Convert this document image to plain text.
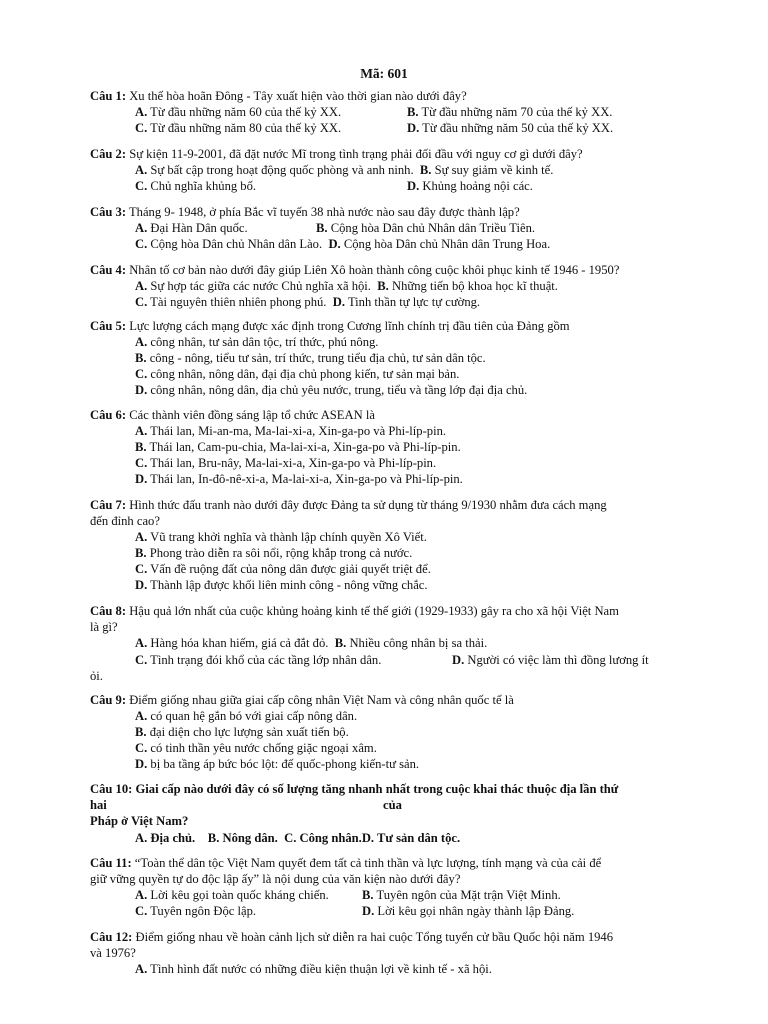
Mã: 601
Câu 1: Xu thế hòa hoãn Đông - Tây xuất hiện vào thời gian nào dưới đây?
A. Từ đầu những năm 60 của thế kỷ XX.	B. Từ đầu những năm 70 của thế kỷ XX.
C. Từ đầu những năm 80 của thế kỷ XX.	D. Từ đầu những năm 50 của thế kỷ XX.
Câu 2: Sự kiện 11-9-2001, đã đặt nước Mĩ trong tình trạng phải đối đầu với nguy cơ gì dưới đây?
A. Sự bất cập trong hoạt động quốc phòng và anh ninh. B. Sự suy giảm về kinh tế.
C. Chủ nghĩa khủng bố.	D. Khủng hoảng nội các.
Câu 3: Tháng 9- 1948, ở phía Bắc vĩ tuyến 38 nhà nước nào sau đây được thành lập?
A. Đại Hàn Dân quốc.	B. Cộng hòa Dân chủ Nhân dân Triều Tiên.
C. Cộng hòa Dân chủ Nhân dân Lào. D. Cộng hòa Dân chủ Nhân dân Trung Hoa.
Câu 4: Nhân tố cơ bản nào dưới đây giúp Liên Xô hoàn thành công cuộc khôi phục kinh tế 1946 - 1950?
A. Sự hợp tác giữa các nước Chủ nghĩa xã hội. B. Những tiến bộ khoa học kĩ thuật.
C. Tài nguyên thiên nhiên phong phú. D. Tinh thần tự lực tự cường.
Câu 5: Lực lượng cách mạng được xác định trong Cương lĩnh chính trị đầu tiên của Đảng gồm
A. công nhân, tư sản dân tộc, trí thức, phú nông.
B. công - nông, tiểu tư sản, trí thức, trung tiểu địa chủ, tư sản dân tộc.
C. công nhân, nông dân, đại địa chủ phong kiến, tư sản mại bản.
D. công nhân, nông dân, địa chủ yêu nước, trung, tiểu và tầng lớp đại địa chủ.
Câu 6: Các thành viên đồng sáng lập tổ chức ASEAN là
A. Thái lan, Mi-an-ma, Ma-lai-xi-a, Xin-ga-po và Phi-líp-pin.
B. Thái lan, Cam-pu-chia, Ma-lai-xi-a, Xin-ga-po và Phi-líp-pin.
C. Thái lan, Bru-nây, Ma-lai-xi-a, Xin-ga-po và Phi-líp-pin.
D. Thái lan, In-đô-nê-xi-a, Ma-lai-xi-a, Xin-ga-po và Phi-líp-pin.
Câu 7: Hình thức đấu tranh nào dưới đây được Đảng ta sử dụng từ tháng 9/1930 nhằm đưa cách mạng
đến đỉnh cao?
A. Vũ trang khởi nghĩa và thành lập chính quyền Xô Viết.
B. Phong trào diễn ra sôi nổi, rộng khắp trong cả nước.
C. Vấn đề ruộng đất của nông dân được giải quyết triệt để.
D. Thành lập được khối liên minh công - nông vững chắc.
Câu 8: Hậu quả lớn nhất của cuộc khủng hoảng kinh tế thế giới (1929-1933) gây ra cho xã hội Việt Nam
là gì?
A. Hàng hóa khan hiếm, giá cả đắt đỏ. B. Nhiều công nhân bị sa thải.
C. Tình trạng đói khổ của các tầng lớp nhân dân.	D. Người có việc làm thì đồng lương ít
ỏi.
Câu 9: Điểm giống nhau giữa giai cấp công nhân Việt Nam và công nhân quốc tế là
A. có quan hệ gắn bó với giai cấp nông dân.
B. đại diện cho lực lượng sản xuất tiến bộ.
C. có tinh thần yêu nước chống giặc ngoại xâm.
D. bị ba tầng áp bức bóc lột: đế quốc-phong kiến-tư sản.
Câu 10: Giai cấp nào dưới đây có số lượng tăng nhanh nhất trong cuộc khai thác thuộc địa lần thứ
hai	của
Pháp ở Việt Nam?
A. Địa chủ. B. Nông dân. C. Công nhân.D. Tư sản dân tộc.
Câu 11: “Toàn thể dân tộc Việt Nam quyết đem tất cả tinh thần và lực lượng, tính mạng và của cải để
giữ vững quyền tự do độc lập ấy” là nội dung của văn kiện nào dưới đây?
A. Lời kêu gọi toàn quốc kháng chiến.	B. Tuyên ngôn của Mặt trận Việt Minh.
C. Tuyên ngôn Độc lập.	D. Lời kêu gọi nhân ngày thành lập Đảng.
Câu 12: Điểm giống nhau về hoàn cảnh lịch sử diễn ra hai cuộc Tổng tuyển cử bầu Quốc hội năm 1946
và 1976?
A. Tình hình đất nước có những điều kiện thuận lợi về kinh tế - xã hội.
